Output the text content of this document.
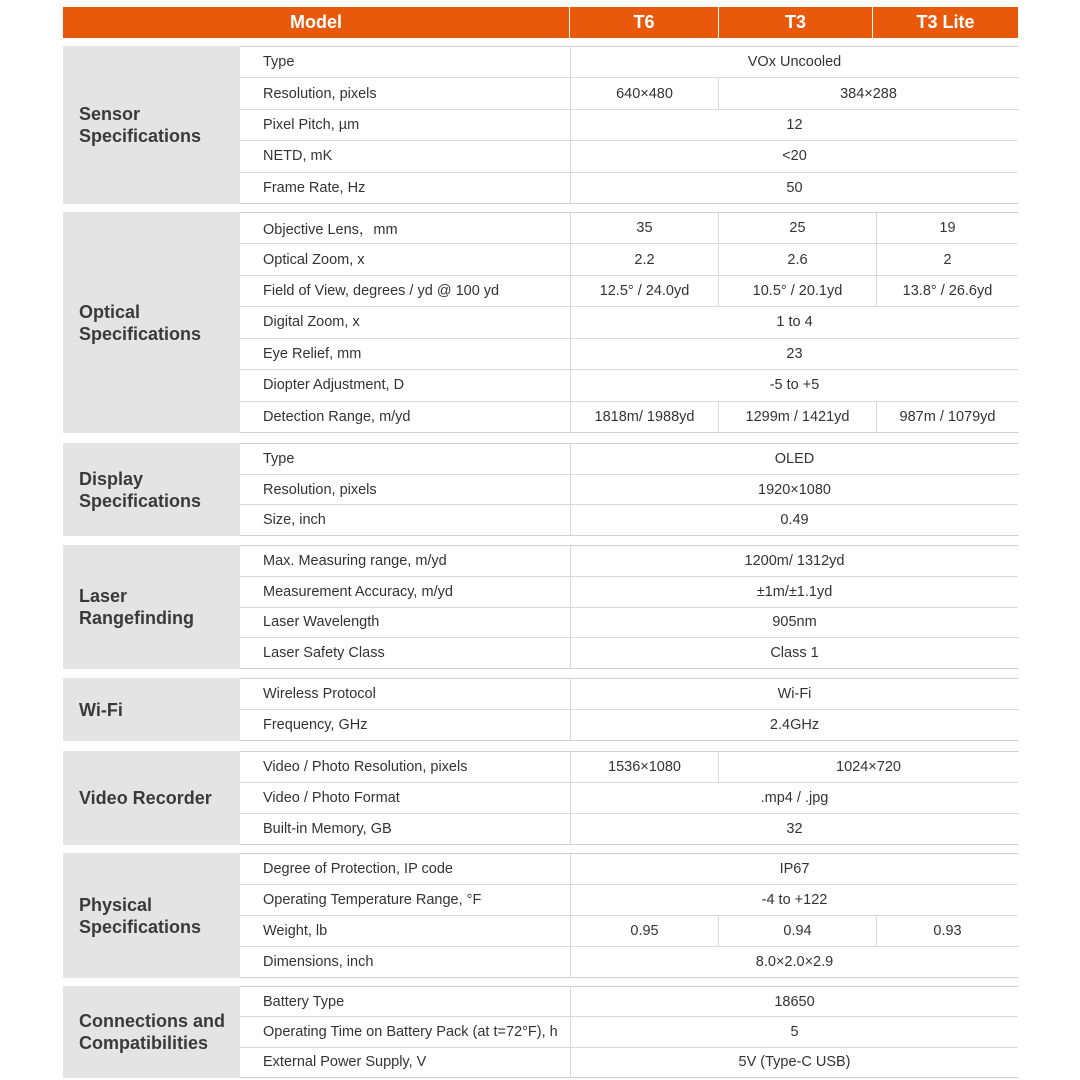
Model	T6	T3	T3 Lite
Sensor
Specifications
Type	VOx Uncooled
Resolution, pixels	640×480	384×288
Pixel Pitch, µm	12
NETD, mK	<20
Frame Rate, Hz	50
Optical
Specifications
Objective Lens，mm	35	25	19
Optical Zoom, x	2.2	2.6	2
Field of View, degrees / yd @ 100 yd	12.5° / 24.0yd	10.5° / 20.1yd	13.8° / 26.6yd
Digital Zoom, x	1 to 4
Eye Relief, mm	23
Diopter Adjustment, D	-5 to +5
Detection Range, m/yd	1818m/ 1988yd	1299m / 1421yd	987m / 1079yd
Display
Specifications
Type	OLED
Resolution, pixels	1920×1080
Size, inch	0.49
Laser
Rangefinding
Max. Measuring range, m/yd	1200m/ 1312yd
Measurement Accuracy, m/yd	±1m/±1.1yd
Laser Wavelength	905nm
Laser Safety Class	Class 1
Wi-Fi
Wireless Protocol	Wi-Fi
Frequency, GHz	2.4GHz
Video Recorder
Video / Photo Resolution, pixels	1536×1080	1024×720
Video / Photo Format	.mp4 / .jpg
Built-in Memory, GB	32
Physical
Specifications
Degree of Protection, IP code	IP67
Operating Temperature Range, °F	-4 to +122
Weight, lb	0.95	0.94	0.93
Dimensions, inch	8.0×2.0×2.9
Connections and
Compatibilities
Battery Type	18650
Operating Time on Battery Pack (at t=72°F), h	5
External Power Supply, V	5V (Type-C USB)
